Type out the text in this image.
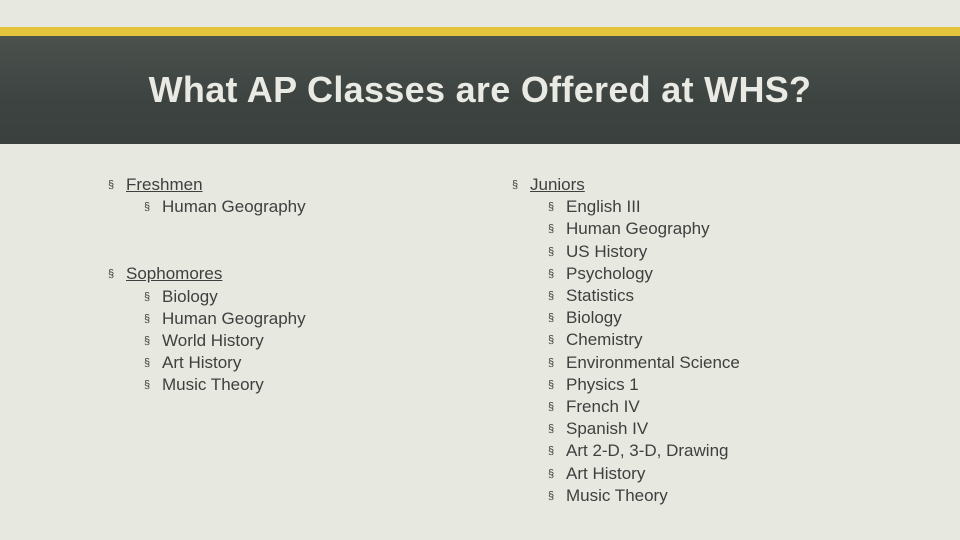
What AP Classes are Offered at WHS?
§ Freshmen
§ Human Geography
§ Sophomores
§ Biology
§ Human Geography
§ World History
§ Art History
§ Music Theory
§ Juniors
§ English III
§ Human Geography
§ US History
§ Psychology
§ Statistics
§ Biology
§ Chemistry
§ Environmental Science
§ Physics 1
§ French IV
§ Spanish IV
§ Art 2-D, 3-D, Drawing
§ Art History
§ Music Theory
